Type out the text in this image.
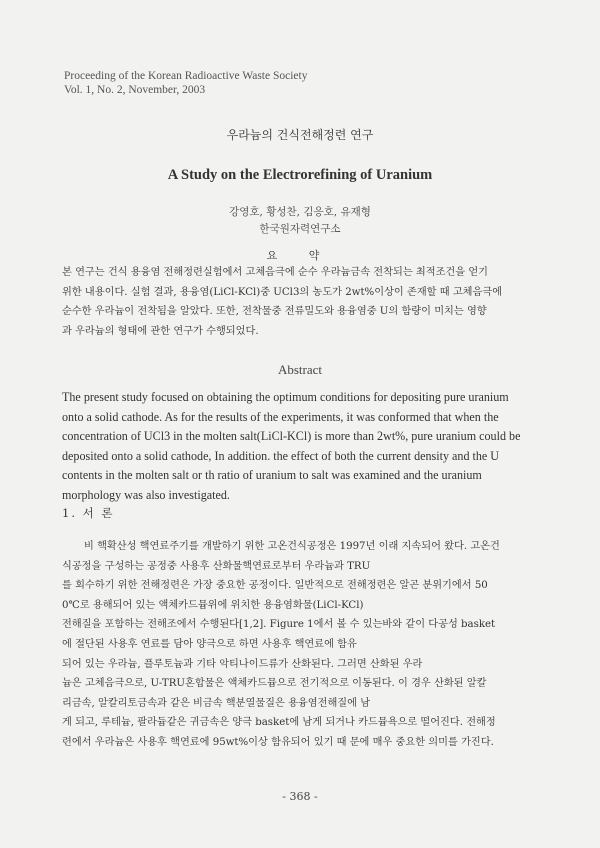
Proceeding of the Korean Radioactive Waste Society
Vol. 1, No. 2, November, 2003
우라늄의 건식전해정련 연구
A Study on the Electrorefining of Uranium
강영호, 황성찬, 김응호, 유재형
한국원자력연구소
요 약
본 연구는 건식 용융염 전해정련실험에서 고체음극에 순수 우라늄금속 전착되는 최적조건을 얻기
위한 내용이다. 실험 결과, 용융염(LiCl-KCl)중 UCl3의 농도가 2wt%이상이 존재할 때 고체음극에
순수한 우라늄이 전착됨을 알았다. 또한, 전착물중 전류밀도와 용융염중 U의 함량이 미치는 영향
과 우라늄의 형태에 관한 연구가 수행되었다.
Abstract
The present study focused on obtaining the optimum conditions for depositing pure uranium
onto a solid cathode. As for the results of the experiments, it was conformed that when the
concentration of UCl3 in the molten salt(LiCl-KCl) is more than 2wt%, pure uranium could be
deposited onto a solid cathode, In addition. the effect of both the current density and the U
contents in the molten salt or th ratio of uranium to salt was examined and the uranium
morphology was also investigated.
1. 서 론
비 핵확산성 핵연료주기를 개발하기 위한 고온건식공정은 1997년 이래 지속되어 왔다. 고온건
식공정을 구성하는 공정중 사용후 산화물핵연료로부터 우라늄과 TRU
를 회수하기 위한 전해정련은 가장 중요한 공정이다. 일반적으로 전해정련은 알곤 분위기에서 50
0℃로 용해되어 있는 액체카드뮴위에 위치한 용융염화물(LiCl-KCl)
전해질을 포함하는 전해조에서 수행된다[1,2]. Figure 1에서 볼 수 있는바와 같이 다공성 basket
에 절단된 사용후 연료를 담아 양극으로 하면 사용후 핵연료에 함유
되어 있는 우라늄, 플루토늄과 기타 악티나이드류가 산화된다. 그러면 산화된 우라
늄은 고체음극으로, U-TRU혼합물은 액체카드뮴으로 전기적으로 이동된다. 이 경우 산화된 알칼
리금속, 알칼리토금속과 같은 비금속 핵분열물질은 용융염전해질에 남
게 되고, 루테늄, 팔라듐같은 귀금속은 양극 basket에 남게 되거나 카드뮴욕으로 떨어진다. 전해정
련에서 우라늄은 사용후 핵연료에 95wt%이상 함유되어 있기 때 문에 매우 중요한 의미를 가진다.
- 368 -
